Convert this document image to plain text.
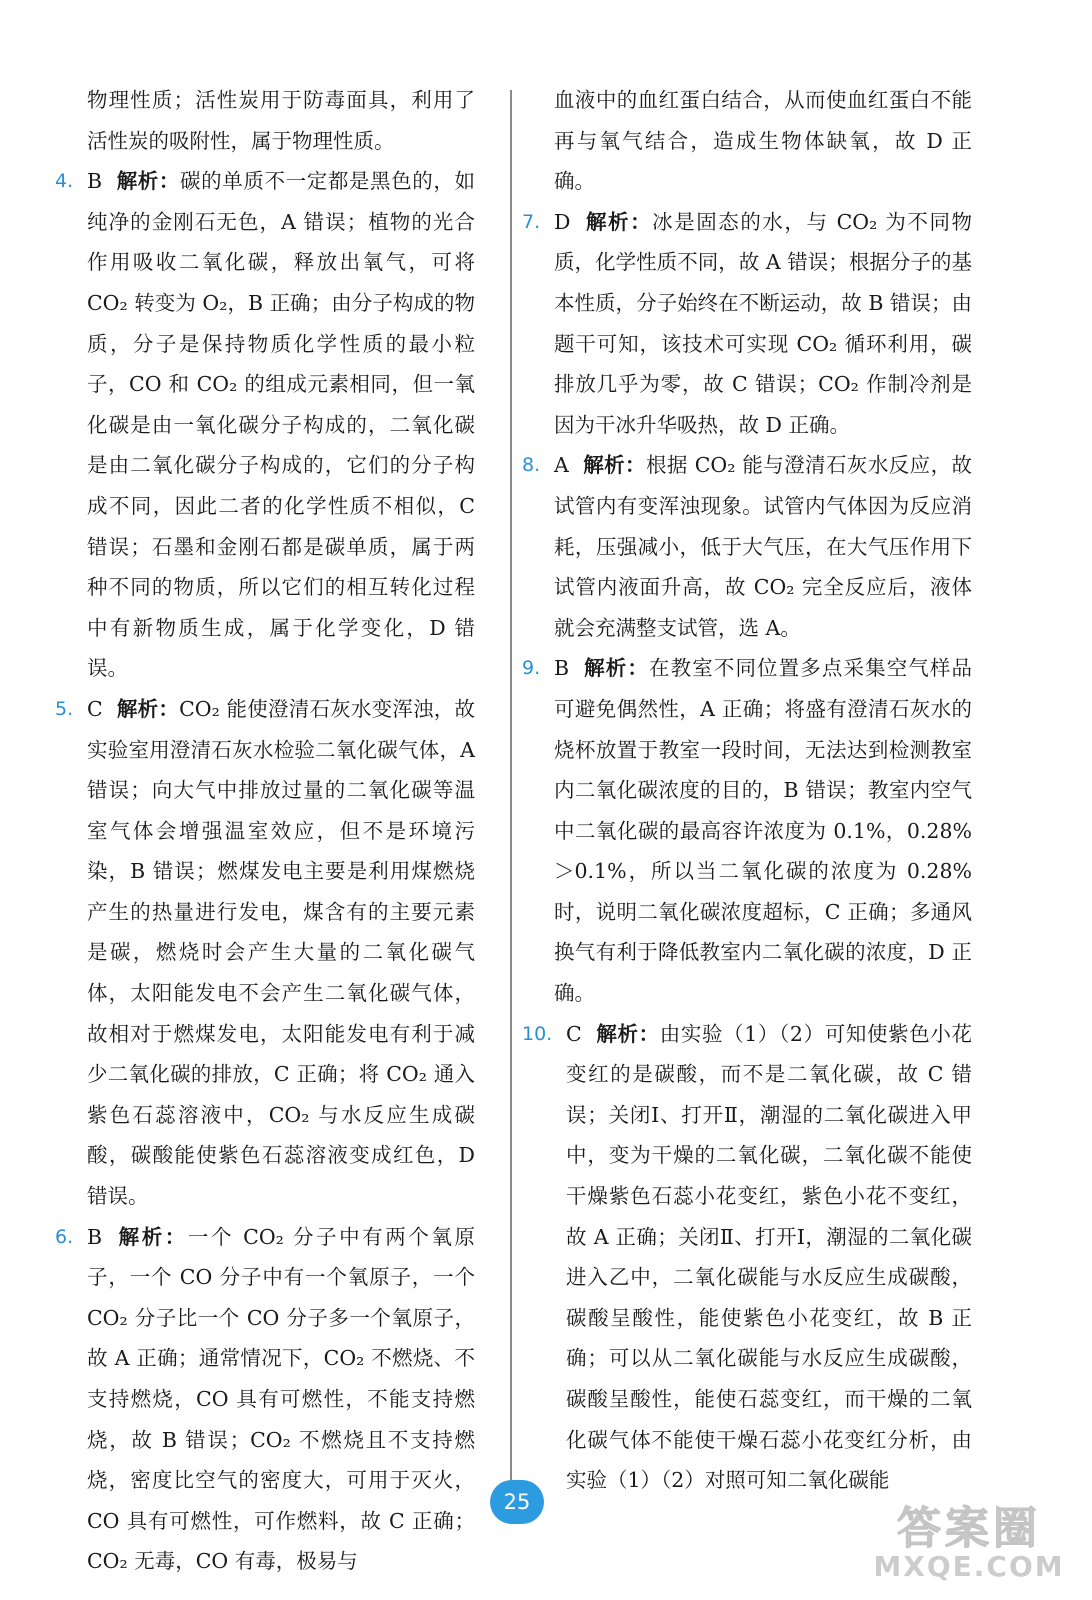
物理性质；活性炭用于防毒面具，利用了活性炭的吸附性，属于物理性质。

4. B 解析：碳的单质不一定都是黑色的，如纯净的金刚石无色，A 错误；植物的光合作用吸收二氧化碳，释放出氧气，可将 CO₂ 转变为 O₂，B 正确；由分子构成的物质，分子是保持物质化学性质的最小粒子，CO 和 CO₂ 的组成元素相同，但一氧化碳是由一氧化碳分子构成的，二氧化碳是由二氧化碳分子构成的，它们的分子构成不同，因此二者的化学性质不相似，C 错误；石墨和金刚石都是碳单质，属于两种不同的物质，所以它们的相互转化过程中有新物质生成，属于化学变化，D 错误。

5. C 解析：CO₂ 能使澄清石灰水变浑浊，故实验室用澄清石灰水检验二氧化碳气体，A 错误；向大气中排放过量的二氧化碳等温室气体会增强温室效应，但不是环境污染，B 错误；燃煤发电主要是利用煤燃烧产生的热量进行发电，煤含有的主要元素是碳，燃烧时会产生大量的二氧化碳气体，太阳能发电不会产生二氧化碳气体，故相对于燃煤发电，太阳能发电有利于减少二氧化碳的排放，C 正确；将 CO₂ 通入紫色石蕊溶液中，CO₂ 与水反应生成碳酸，碳酸能使紫色石蕊溶液变成红色，D 错误。

6. B 解析：一个 CO₂ 分子中有两个氧原子，一个 CO 分子中有一个氧原子，一个 CO₂ 分子比一个 CO 分子多一个氧原子，故 A 正确；通常情况下，CO₂ 不燃烧、不支持燃烧，CO 具有可燃性，不能支持燃烧，故 B 错误；CO₂ 不燃烧且不支持燃烧，密度比空气的密度大，可用于灭火，CO 具有可燃性，可作燃料，故 C 正确；CO₂ 无毒，CO 有毒，极易与

血液中的血红蛋白结合，从而使血红蛋白不能再与氧气结合，造成生物体缺氧，故 D 正确。

7. D 解析：冰是固态的水，与 CO₂ 为不同物质，化学性质不同，故 A 错误；根据分子的基本性质，分子始终在不断运动，故 B 错误；由题干可知，该技术可实现 CO₂ 循环利用，碳排放几乎为零，故 C 错误；CO₂ 作制冷剂是因为干冰升华吸热，故 D 正确。

8. A 解析：根据 CO₂ 能与澄清石灰水反应，故试管内有变浑浊现象。试管内气体因为反应消耗，压强减小，低于大气压，在大气压作用下试管内液面升高，故 CO₂ 完全反应后，液体就会充满整支试管，选 A。

9. B 解析：在教室不同位置多点采集空气样品可避免偶然性，A 正确；将盛有澄清石灰水的烧杯放置于教室一段时间，无法达到检测教室内二氧化碳浓度的目的，B 错误；教室内空气中二氧化碳的最高容许浓度为 0.1%，0.28%＞0.1%，所以当二氧化碳的浓度为 0.28%时，说明二氧化碳浓度超标，C 正确；多通风换气有利于降低教室内二氧化碳的浓度，D 正确。

10. C 解析：由实验（1）（2）可知使紫色小花变红的是碳酸，而不是二氧化碳，故 C 错误；关闭Ⅰ、打开Ⅱ，潮湿的二氧化碳进入甲中，变为干燥的二氧化碳，二氧化碳不能使干燥紫色石蕊小花变红，紫色小花不变红，故 A 正确；关闭Ⅱ、打开Ⅰ，潮湿的二氧化碳进入乙中，二氧化碳能与水反应生成碳酸，碳酸呈酸性，能使紫色小花变红，故 B 正确；可以从二氧化碳能与水反应生成碳酸，碳酸呈酸性，能使石蕊变红，而干燥的二氧化碳气体不能使干燥石蕊小花变红分析，由实验（1）（2）对照可知二氧化碳能

25
答案圈
MXQE.COM
